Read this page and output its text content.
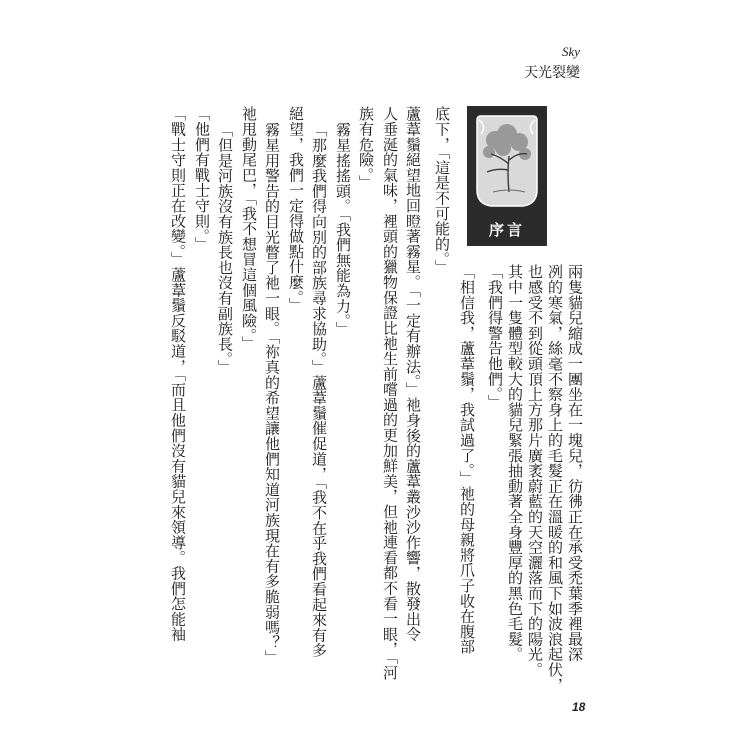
Sky
天光裂變
序言
兩隻貓兒縮成一團坐在一塊兒，彷彿正在承受禿葉季裡最深
冽的寒氣，絲毫不察身上的毛髮正在溫暖的和風下如波浪起伏，
也感受不到從頭頂上方那片廣袤蔚藍的天空灑落而下的陽光。
其中一隻體型較大的貓兒緊張抽動著全身豐厚的黑色毛髮。
「我們得警告他們。」
「相信我，蘆葦鬚，我試過了。」祂的母親將爪子收在腹部
底下，「這是不可能的。」
蘆葦鬚絕望地回瞪著霧星。「一定有辦法。」祂身後的蘆葦叢沙沙作響，散發出令
人垂涎的氣味，裡頭的獵物保證比祂生前嚐過的更加鮮美，但祂連看都不看一眼，「河
族有危險。」
霧星搖搖頭。「我們無能為力。」
「那麼我們得向別的部族尋求協助。」蘆葦鬚催促道，「我不在乎我們看起來有多
絕望，我們一定得做點什麼。」
霧星用警告的目光瞥了祂一眼。「祢真的希望讓他們知道河族現在有多脆弱嗎？」
祂甩動尾巴，「我不想冒這個風險。」
「但是河族沒有族長也沒有副族長。」
「他們有戰士守則。」
「戰士守則正在改變。」蘆葦鬚反駁道，「而且他們沒有貓兒來領導。我們怎能袖
18
